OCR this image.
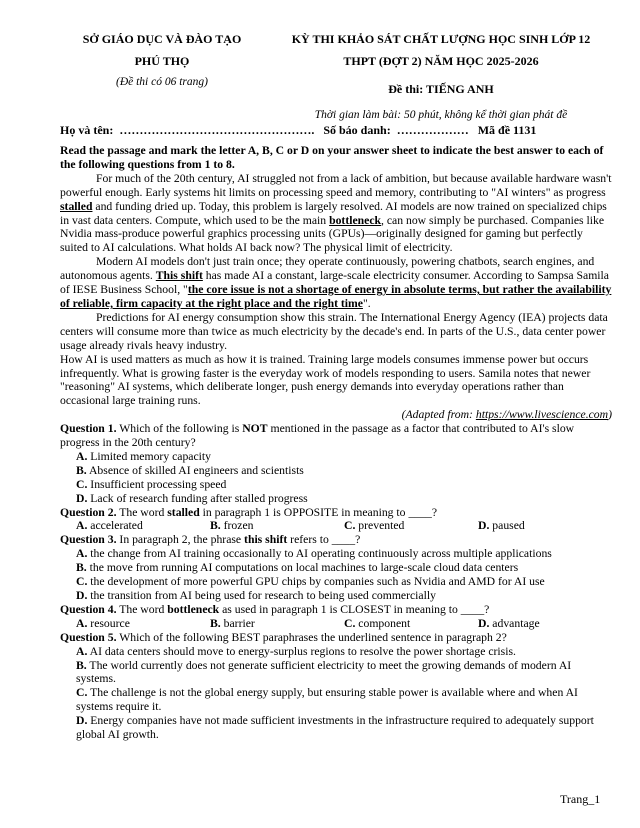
SỞ GIÁO DỤC VÀ ĐÀO TẠO
PHÚ THỌ
(Đề thi có 06 trang)
KỲ THI KHẢO SÁT CHẤT LƯỢNG HỌC SINH LỚP 12
THPT (ĐỢT 2) NĂM HỌC 2025-2026
Đề thi: TIẾNG ANH
Thời gian làm bài: 50 phút, không kể thời gian phát đề
Họ và tên: …………………………………………. Số báo danh: ……………… Mã đề 1131

Read the passage and mark the letter A, B, C or D on your answer sheet to indicate the best answer to each of the following questions from 1 to 8.

For much of the 20th century, AI struggled not from a lack of ambition, but because available hardware wasn't powerful enough. Early systems hit limits on processing speed and memory, contributing to "AI winters" as progress stalled and funding dried up. Today, this problem is largely resolved. AI models are now trained on specialized chips in vast data centers. Compute, which used to be the main bottleneck, can now simply be purchased. Companies like Nvidia mass-produce powerful graphics processing units (GPUs)—originally designed for gaming but perfectly suited to AI calculations. What holds AI back now? The physical limit of electricity.

Modern AI models don't just train once; they operate continuously, powering chatbots, search engines, and autonomous agents. This shift has made AI a constant, large-scale electricity consumer. According to Sampsa Samila of IESE Business School, "the core issue is not a shortage of energy in absolute terms, but rather the availability of reliable, firm capacity at the right place and the right time".

Predictions for AI energy consumption show this strain. The International Energy Agency (IEA) projects data centers will consume more than twice as much electricity by the decade's end. In parts of the U.S., data center power usage already rivals heavy industry.

How AI is used matters as much as how it is trained. Training large models consumes immense power but occurs infrequently. What is growing faster is the everyday work of models responding to users. Samila notes that newer "reasoning" AI systems, which deliberate longer, push energy demands into everyday operations rather than occasional large training runs.

(Adapted from: https://www.livescience.com)

Question 1. Which of the following is NOT mentioned in the passage as a factor that contributed to AI's slow progress in the 20th century?

A. Limited memory capacity

B. Absence of skilled AI engineers and scientists

C. Insufficient processing speed

D. Lack of research funding after stalled progress

Question 2. The word stalled in paragraph 1 is OPPOSITE in meaning to ____?

A. accelerated	B. frozen	C. prevented	D. paused

Question 3. In paragraph 2, the phrase this shift refers to ____?

A. the change from AI training occasionally to AI operating continuously across multiple applications

B. the move from running AI computations on local machines to large-scale cloud data centers

C. the development of more powerful GPU chips by companies such as Nvidia and AMD for AI use

D. the transition from AI being used for research to being used commercially

Question 4. The word bottleneck as used in paragraph 1 is CLOSEST in meaning to ____?

A. resource	B. barrier	C. component	D. advantage

Question 5. Which of the following BEST paraphrases the underlined sentence in paragraph 2?

A. AI data centers should move to energy-surplus regions to resolve the power shortage crisis.

B. The world currently does not generate sufficient electricity to meet the growing demands of modern AI systems.

C. The challenge is not the global energy supply, but ensuring stable power is available where and when AI systems require it.

D. Energy companies have not made sufficient investments in the infrastructure required to adequately support global AI growth.

Trang_1
